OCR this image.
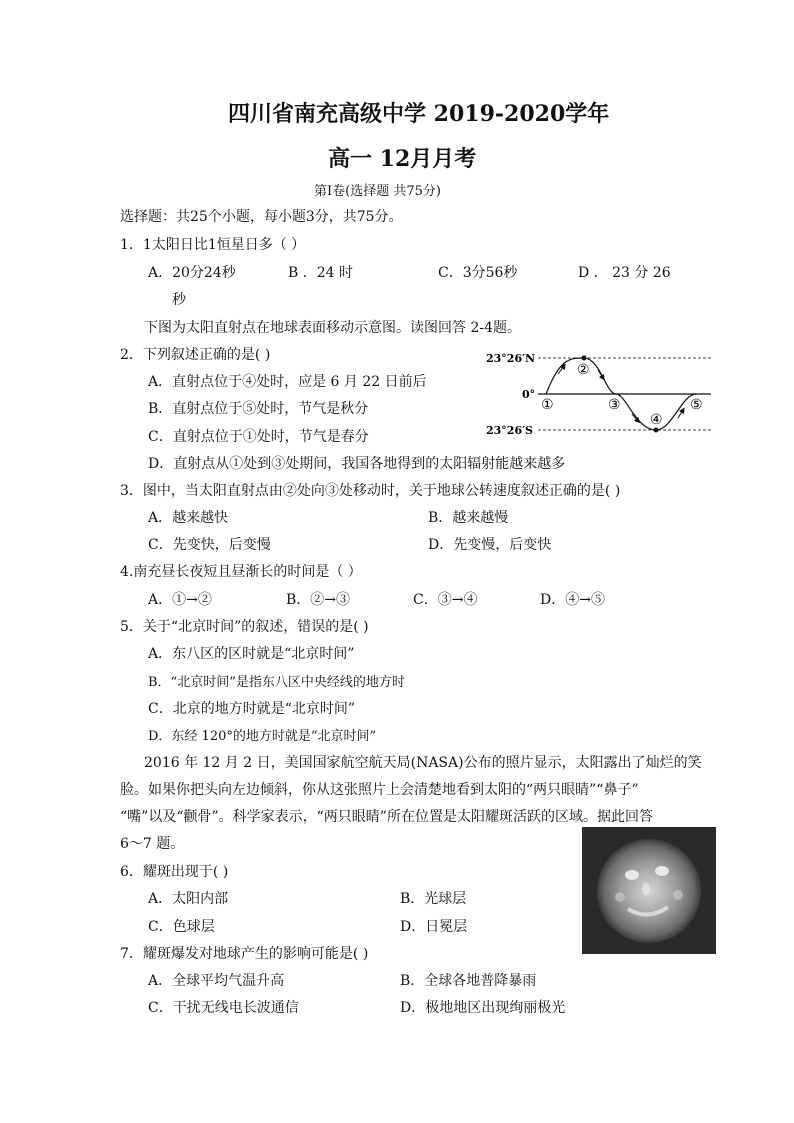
四川省南充高级中学 2019-2020学年
高一 12月月考
第Ⅰ卷(选择题 共75分)
选择题：共25个小题，每小题3分，共75分。
1．1太阳日比1恒星日多（ ）
A．20分24秒	B ．24 时	C．3分56秒	D ． 23 分 26
秒
下图为太阳直射点在地球表面移动示意图。读图回答 2-4题。
2．下列叙述正确的是( )
A．直射点位于④处时，应是 6 月 22 日前后
B．直射点位于⑤处时，节气是秋分
C．直射点位于①处时，节气是春分
D．直射点从①处到③处期间，我国各地得到的太阳辐射能越来越多
23°26′N
0°
23°26′S
①
②
③
④
⑤
3．图中，当太阳直射点由②处向③处移动时，关于地球公转速度叙述正确的是( )
A．越来越快	B．越来越慢
C．先变快，后变慢	D．先变慢，后变快
4.南充昼长夜短且昼渐长的时间是（ ）
A．①→②	B．②→③	C．③→④	D．④→⑤
5．关于“北京时间”的叙述，错误的是( )
A．东八区的区时就是“北京时间”
B．“北京时间”是指东八区中央经线的地方时
C．北京的地方时就是“北京时间”
D．东经 120°的地方时就是“北京时间”
2016 年 12 月 2 日，美国国家航空航天局(NASA)公布的照片显示，太阳露出了灿烂的笑
脸。如果你把头向左边倾斜，你从这张照片上会清楚地看到太阳的“两只眼睛”“鼻子”
“嘴”以及“颧骨”。科学家表示，“两只眼睛”所在位置是太阳耀斑活跃的区域。据此回答
6～7 题。
6．耀斑出现于( )
A．太阳内部	B．光球层
C．色球层	D．日冕层
7．耀斑爆发对地球产生的影响可能是( )
A．全球平均气温升高	B．全球各地普降暴雨
C．干扰无线电长波通信	D．极地地区出现绚丽极光
